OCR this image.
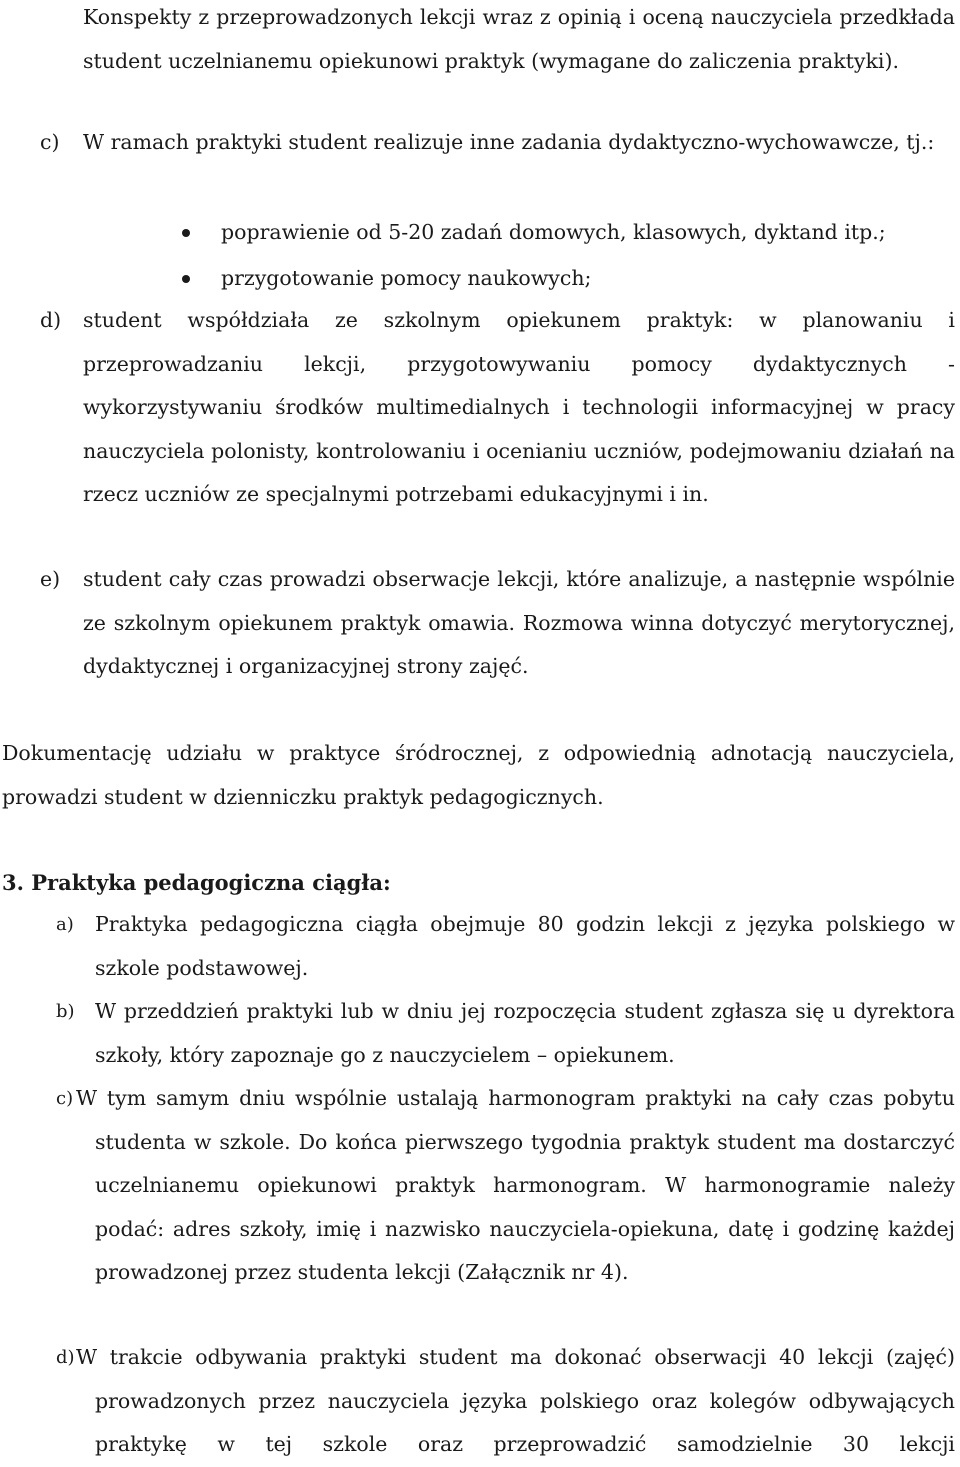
Konspekty z przeprowadzonych lekcji wraz z opinią i oceną nauczyciela przedkłada student uczelnianemu opiekunowi praktyk (wymagane do zaliczenia praktyki).

c) W ramach praktyki student realizuje inne zadania dydaktyczno-wychowawcze, tj.:

poprawienie od 5-20 zadań domowych, klasowych, dyktand itp.;

przygotowanie pomocy naukowych;

d) student współdziała ze szkolnym opiekunem praktyk: w planowaniu i przeprowadzaniu lekcji, przygotowywaniu pomocy dydaktycznych - wykorzystywaniu środków multimedialnych i technologii informacyjnej w pracy nauczyciela polonisty, kontrolowaniu i ocenianiu uczniów, podejmowaniu działań na rzecz uczniów ze specjalnymi potrzebami edukacyjnymi i in.

e) student cały czas prowadzi obserwacje lekcji, które analizuje, a następnie wspólnie ze szkolnym opiekunem praktyk omawia. Rozmowa winna dotyczyć merytorycznej, dydaktycznej i organizacyjnej strony zajęć.

Dokumentację udziału w praktyce śródrocznej, z odpowiednią adnotacją nauczyciela, prowadzi student w dzienniczku praktyk pedagogicznych.

3. Praktyka pedagogiczna ciągła:
a) Praktyka pedagogiczna ciągła obejmuje 80 godzin lekcji z języka polskiego w szkole podstawowej.

b) W przeddzień praktyki lub w dniu jej rozpoczęcia student zgłasza się u dyrektora szkoły, który zapoznaje go z nauczycielem – opiekunem.

c) W tym samym dniu wspólnie ustalają harmonogram praktyki na cały czas pobytu studenta w szkole. Do końca pierwszego tygodnia praktyk student ma dostarczyć uczelnianemu opiekunowi praktyk harmonogram. W harmonogramie należy podać: adres szkoły, imię i nazwisko nauczyciela-opiekuna, datę i godzinę każdej prowadzonej przez studenta lekcji (Załącznik nr 4).

d) W trakcie odbywania praktyki student ma dokonać obserwacji 40 lekcji (zajęć) prowadzonych przez nauczyciela języka polskiego oraz kolegów odbywających praktykę w tej szkole oraz przeprowadzić samodzielnie 30 lekcji
